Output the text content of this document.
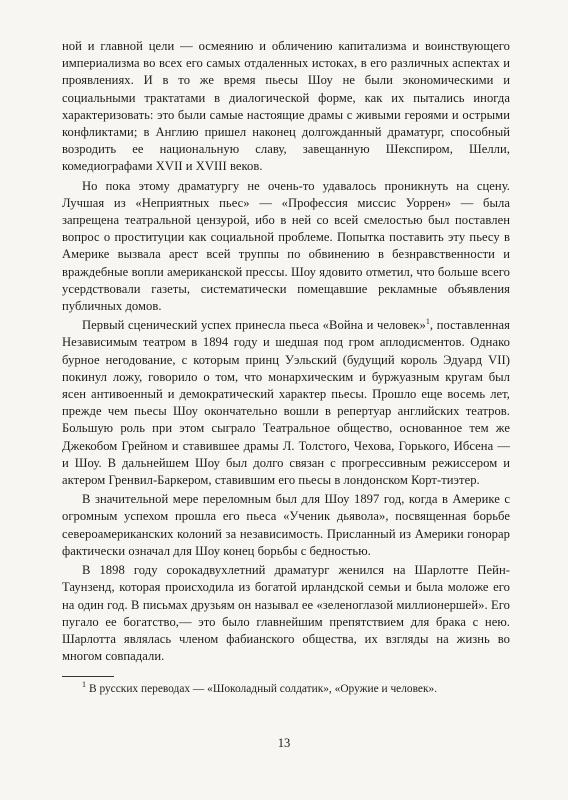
ной и главной цели — осмеянию и обличению капитализма и воинствующего империализма во всех его самых отдаленных истоках, в его различных аспектах и проявлениях. И в то же время пьесы Шоу не были экономическими и социальными трактатами в диалогической форме, как их пытались иногда характеризовать: это были самые настоящие драмы с живыми героями и острыми конфликтами; в Англию пришел наконец долгожданный драматург, способный возродить ее национальную славу, завещанную Шекспиром, Шелли, комедиографами XVII и XVIII веков.

Но пока этому драматургу не очень-то удавалось проникнуть на сцену. Лучшая из «Неприятных пьес» — «Профессия миссис Уоррен» — была запрещена театральной цензурой, ибо в ней со всей смелостью был поставлен вопрос о проституции как социальной проблеме. Попытка поставить эту пьесу в Америке вызвала арест всей труппы по обвинению в безнравственности и враждебные вопли американской прессы. Шоу ядовито отметил, что больше всего усердствовали газеты, систематически помещавшие рекламные объявления публичных домов.

Первый сценический успех принесла пьеса «Война и человек»$^1$, поставленная Независимым театром в 1894 году и шедшая под гром аплодисментов. Однако бурное негодование, с которым принц Уэльский (будущий король Эдуард VII) покинул ложу, говорило о том, что монархическим и буржуазным кругам был ясен антивоенный и демократический характер пьесы. Прошло еще восемь лет, прежде чем пьесы Шоу окончательно вошли в репертуар английских театров. Большую роль при этом сыграло Театральное общество, основанное тем же Джекобом Грейном и ставившее драмы Л. Толстого, Чехова, Горького, Ибсена — и Шоу. В дальнейшем Шоу был долго связан с прогрессивным режиссером и актером Гренвил-Баркером, ставившим его пьесы в лондонском Корт-тиэтер.

В значительной мере переломным был для Шоу 1897 год, когда в Америке с огромным успехом прошла его пьеса «Ученик дьявола», посвященная борьбе североамериканских колоний за независимость. Присланный из Америки гонорар фактически означал для Шоу конец борьбы с бедностью.

В 1898 году сорокадвухлетний драматург женился на Шарлотте Пейн-Таунзенд, которая происходила из богатой ирландской семьи и была моложе его на один год. В письмах друзьям он называл ее «зеленоглазой миллионершей». Его пугало ее богатство,— это было главнейшим препятствием для брака с нею. Шарлотта являлась членом фабианского общества, их взгляды на жизнь во многом совпадали.

$^1$ В русских переводах — «Шоколадный солдатик», «Оружие и человек».

13
